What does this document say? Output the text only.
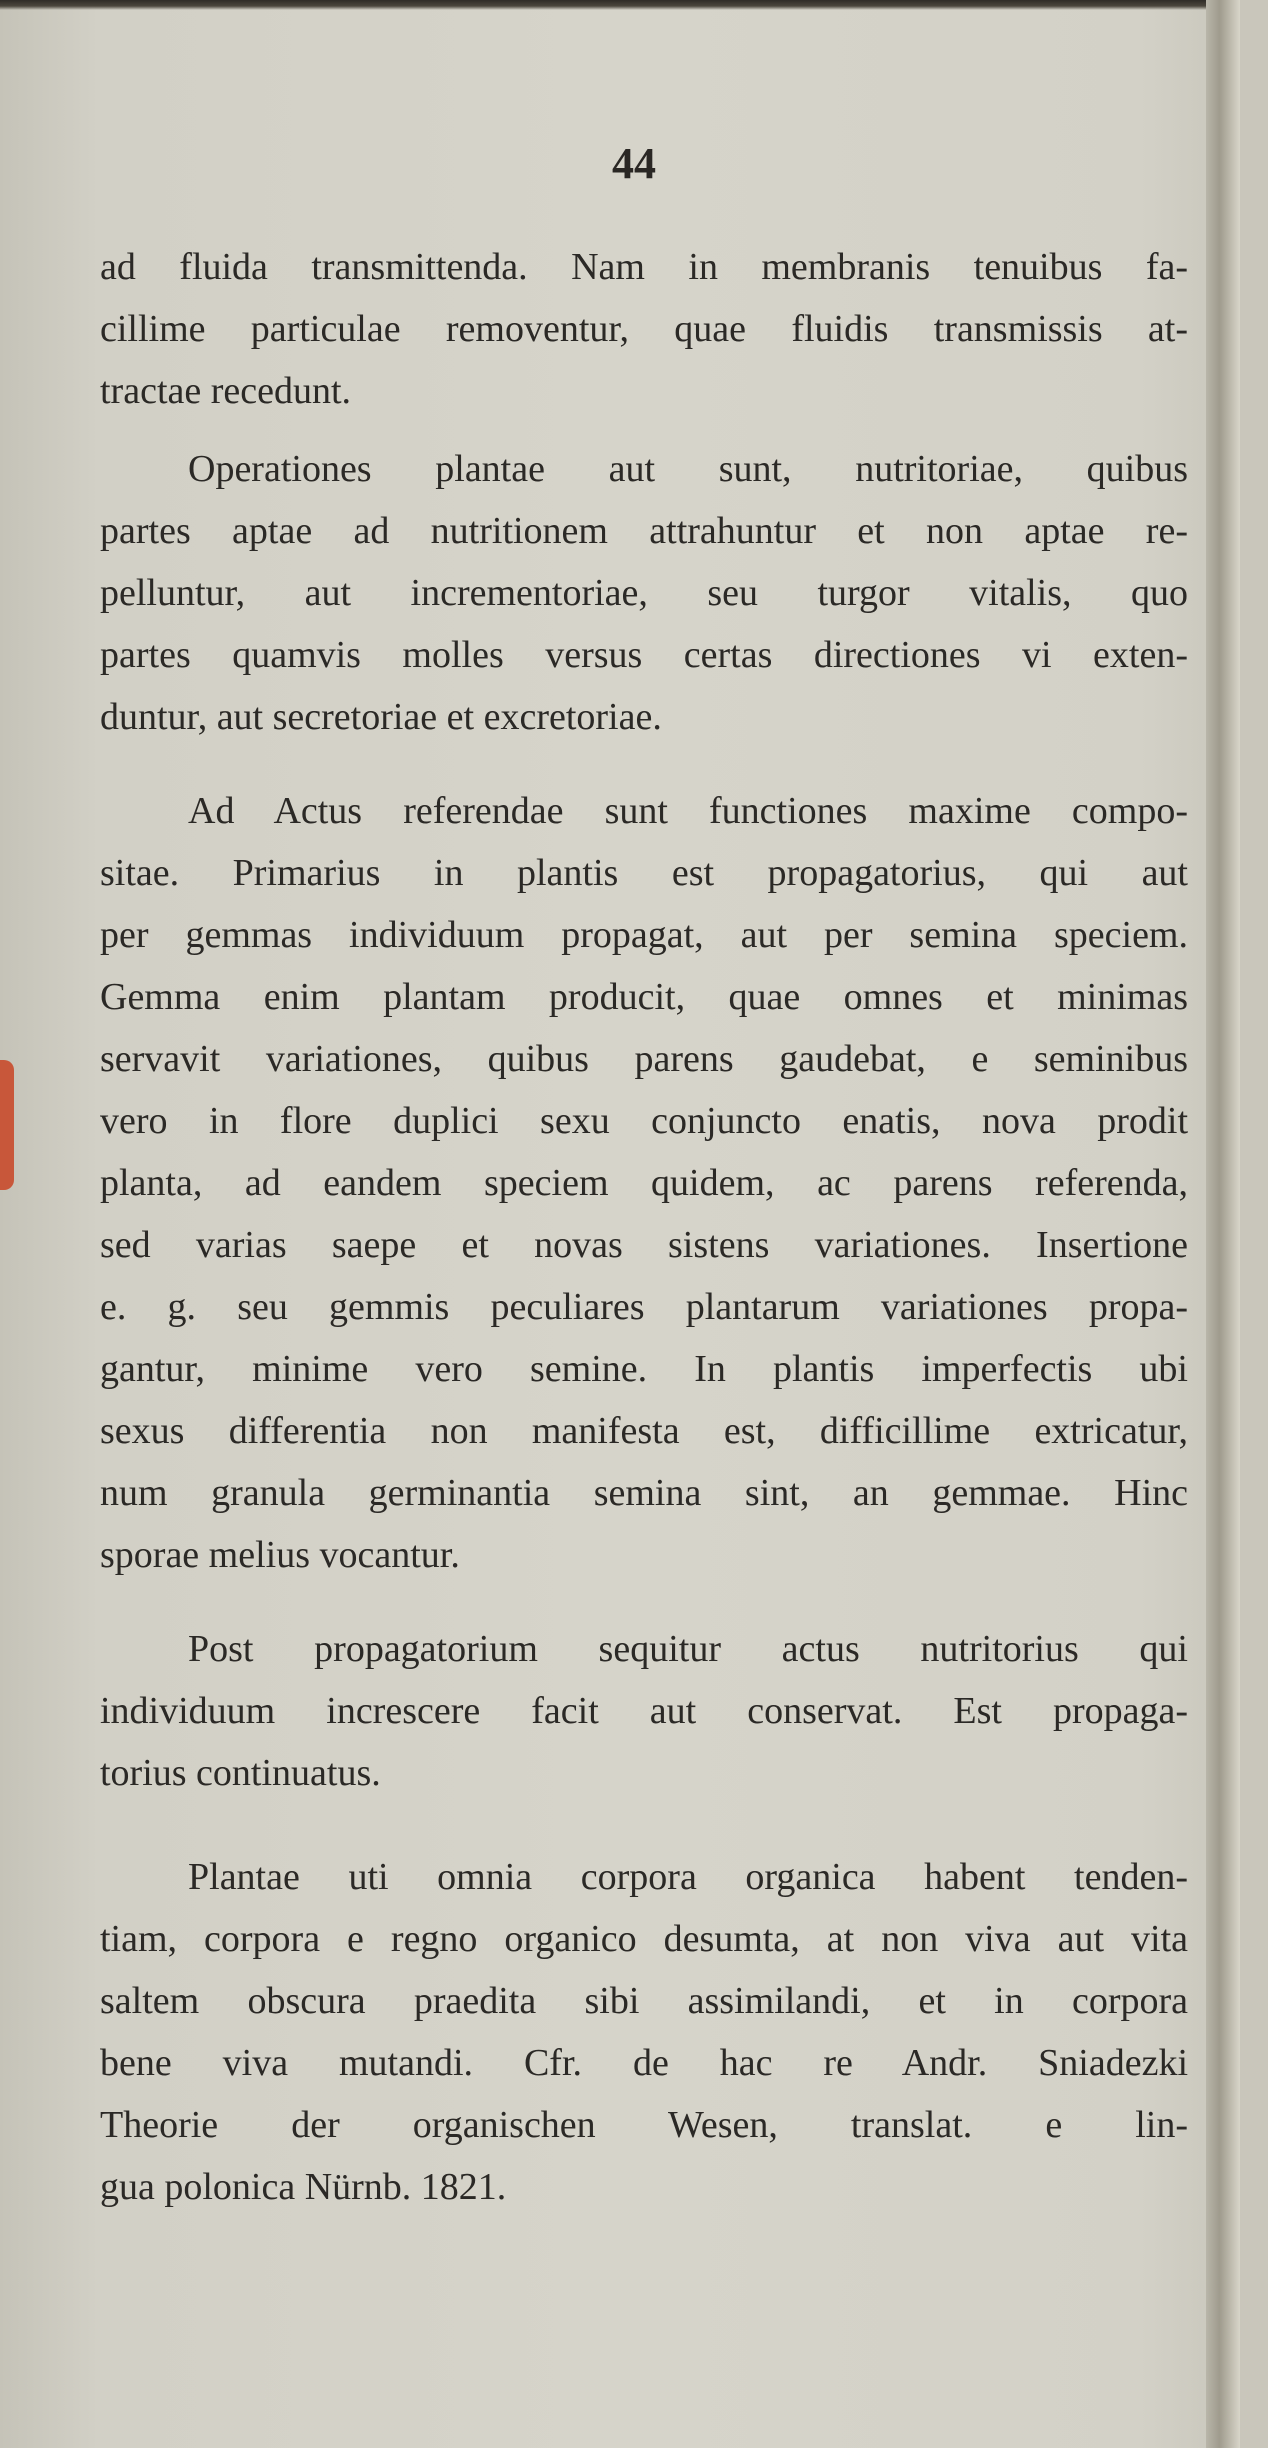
44
ad fluida transmittenda. Nam in membranis tenuibus fa-
cillime particulae removentur, quae fluidis transmissis at-
tractae recedunt.
Operationes plantae aut sunt, nutritoriae, quibus
partes aptae ad nutritionem attrahuntur et non aptae re-
pelluntur, aut incrementoriae, seu turgor vitalis, quo
partes quamvis molles versus certas directiones vi exten-
duntur, aut secretoriae et excretoriae.
Ad Actus referendae sunt functiones maxime compo-
sitae. Primarius in plantis est propagatorius, qui aut
per gemmas individuum propagat, aut per semina speciem.
Gemma enim plantam producit, quae omnes et minimas
servavit variationes, quibus parens gaudebat, e seminibus
vero in flore duplici sexu conjuncto enatis, nova prodit
planta, ad eandem speciem quidem, ac parens referenda,
sed varias saepe et novas sistens variationes. Insertione
e. g. seu gemmis peculiares plantarum variationes propa-
gantur, minime vero semine. In plantis imperfectis ubi
sexus differentia non manifesta est, difficillime extricatur,
num granula germinantia semina sint, an gemmae. Hinc
sporae melius vocantur.
Post propagatorium sequitur actus nutritorius qui
individuum increscere facit aut conservat. Est propaga-
torius continuatus.
Plantae uti omnia corpora organica habent tenden-
tiam, corpora e regno organico desumta, at non viva aut vita
saltem obscura praedita sibi assimilandi, et in corpora
bene viva mutandi. Cfr. de hac re Andr. Sniadezki
Theorie der organischen Wesen, translat. e lin-
gua polonica Nürnb. 1821.
